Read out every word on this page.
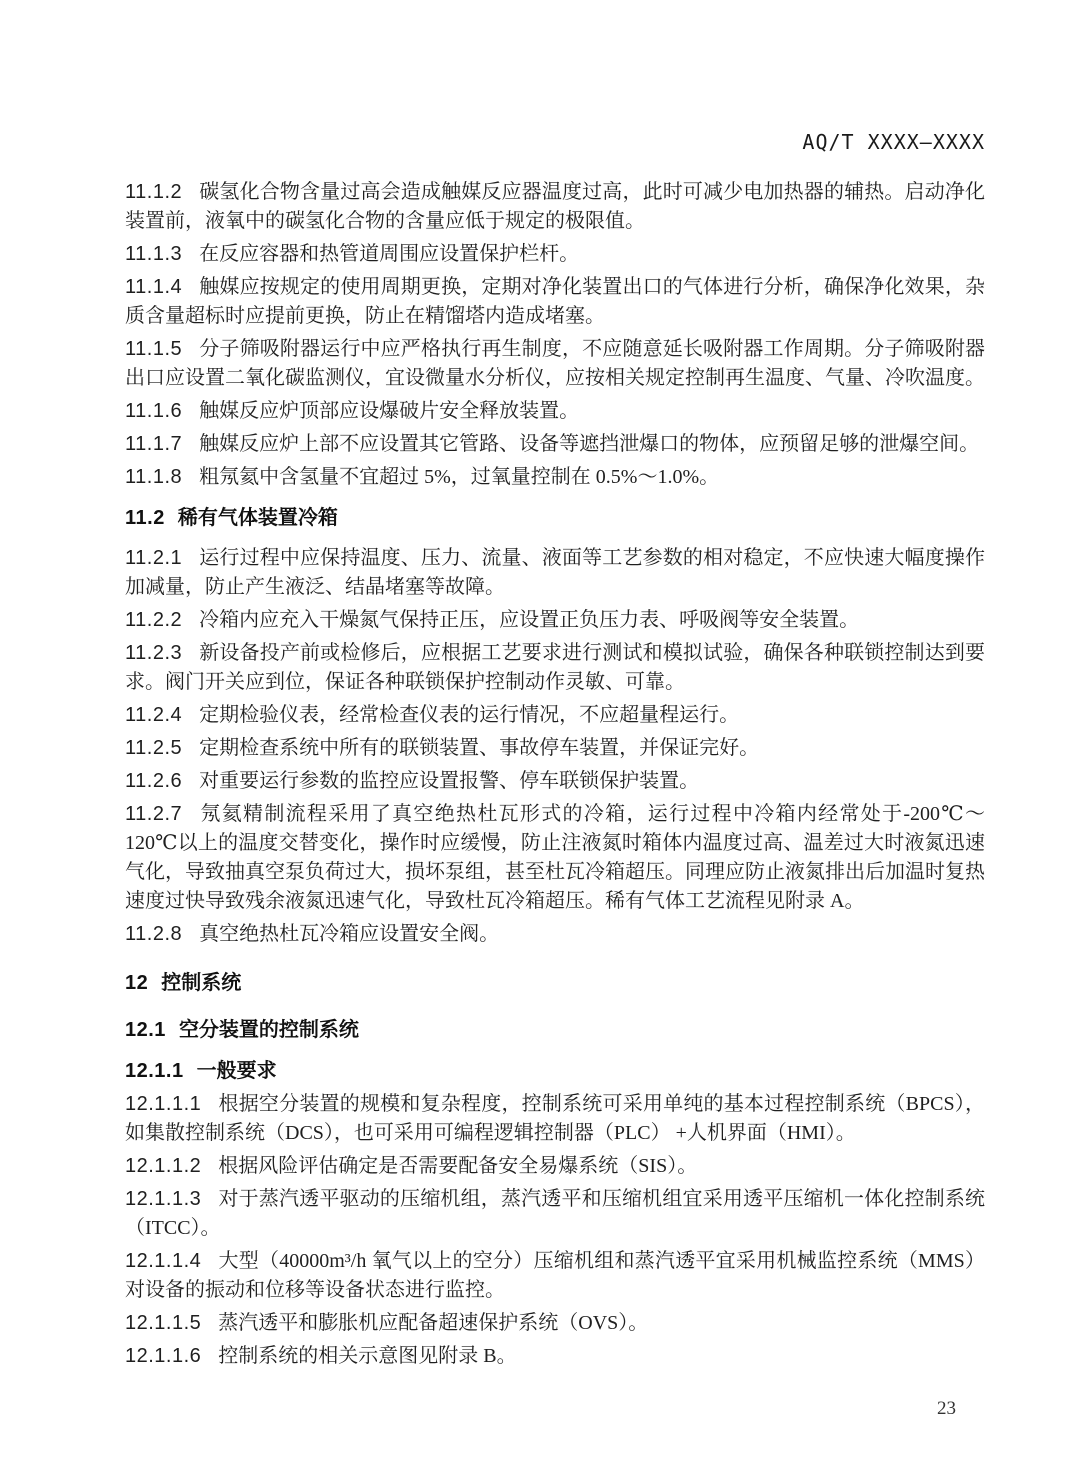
AQ/T XXXX—XXXX

11.1.2 碳氢化合物含量过高会造成触媒反应器温度过高，此时可减少电加热器的辅热。启动净化装置前，液氧中的碳氢化合物的含量应低于规定的极限值。

11.1.3 在反应容器和热管道周围应设置保护栏杆。

11.1.4 触媒应按规定的使用周期更换，定期对净化装置出口的气体进行分析，确保净化效果，杂质含量超标时应提前更换，防止在精馏塔内造成堵塞。

11.1.5 分子筛吸附器运行中应严格执行再生制度，不应随意延长吸附器工作周期。分子筛吸附器出口应设置二氧化碳监测仪，宜设微量水分析仪，应按相关规定控制再生温度、气量、冷吹温度。

11.1.6 触媒反应炉顶部应设爆破片安全释放装置。

11.1.7 触媒反应炉上部不应设置其它管路、设备等遮挡泄爆口的物体，应预留足够的泄爆空间。

11.1.8 粗氖氦中含氢量不宜超过 5%，过氧量控制在 0.5%～1.0%。

11.2 稀有气体装置冷箱

11.2.1 运行过程中应保持温度、压力、流量、液面等工艺参数的相对稳定，不应快速大幅度操作加减量，防止产生液泛、结晶堵塞等故障。

11.2.2 冷箱内应充入干燥氮气保持正压，应设置正负压力表、呼吸阀等安全装置。

11.2.3 新设备投产前或检修后，应根据工艺要求进行测试和模拟试验，确保各种联锁控制达到要求。阀门开关应到位，保证各种联锁保护控制动作灵敏、可靠。

11.2.4 定期检验仪表，经常检查仪表的运行情况，不应超量程运行。

11.2.5 定期检查系统中所有的联锁装置、事故停车装置，并保证完好。

11.2.6 对重要运行参数的监控应设置报警、停车联锁保护装置。

11.2.7 氖氦精制流程采用了真空绝热杜瓦形式的冷箱，运行过程中冷箱内经常处于-200℃～120℃以上的温度交替变化，操作时应缓慢，防止注液氮时箱体内温度过高、温差过大时液氮迅速气化，导致抽真空泵负荷过大，损坏泵组，甚至杜瓦冷箱超压。同理应防止液氮排出后加温时复热速度过快导致残余液氮迅速气化，导致杜瓦冷箱超压。稀有气体工艺流程见附录 A。

11.2.8 真空绝热杜瓦冷箱应设置安全阀。

12 控制系统

12.1 空分装置的控制系统

12.1.1 一般要求

12.1.1.1 根据空分装置的规模和复杂程度，控制系统可采用单纯的基本过程控制系统（BPCS），如集散控制系统（DCS），也可采用可编程逻辑控制器（PLC） +人机界面（HMI）。

12.1.1.2 根据风险评估确定是否需要配备安全易爆系统（SIS）。

12.1.1.3 对于蒸汽透平驱动的压缩机组，蒸汽透平和压缩机组宜采用透平压缩机一体化控制系统（ITCC）。

12.1.1.4 大型（40000m³/h 氧气以上的空分）压缩机组和蒸汽透平宜采用机械监控系统（MMS）对设备的振动和位移等设备状态进行监控。

12.1.1.5 蒸汽透平和膨胀机应配备超速保护系统（OVS）。

12.1.1.6 控制系统的相关示意图见附录 B。

23
